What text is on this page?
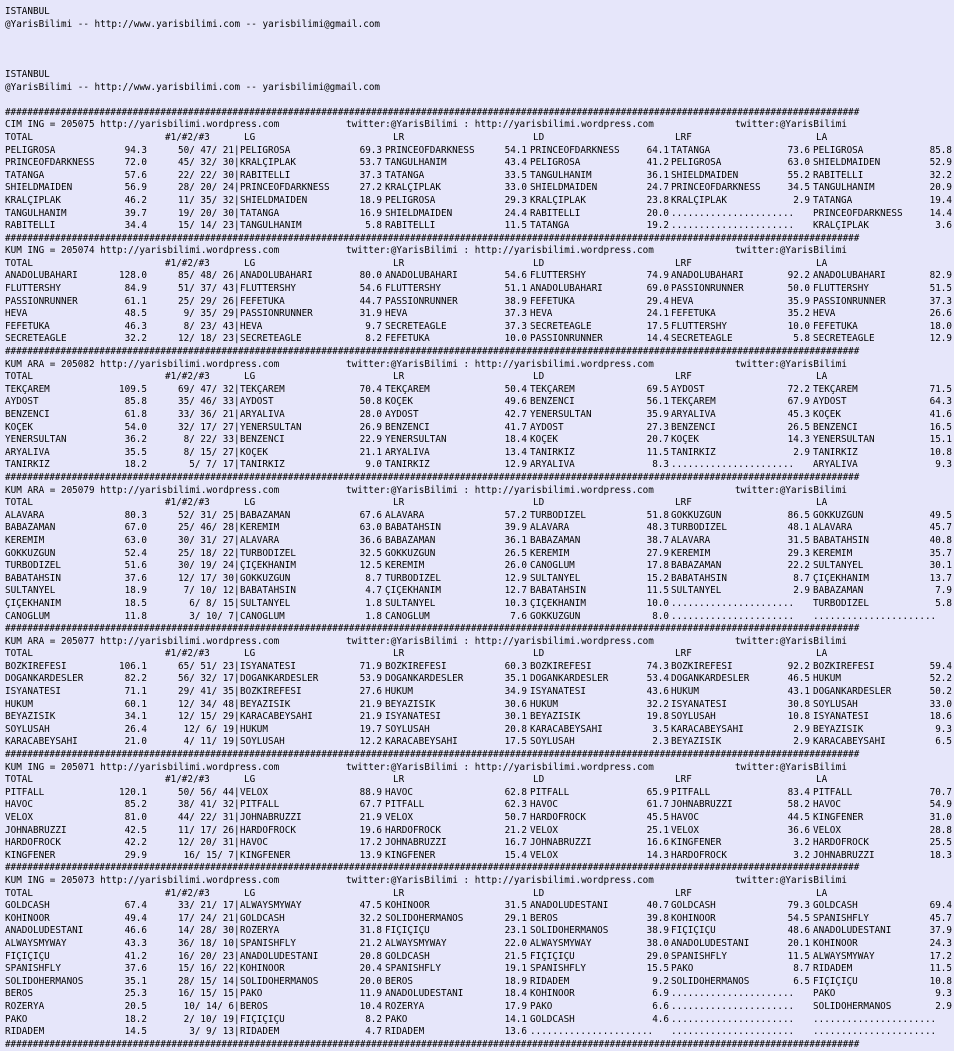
ISTANBUL
@YarisBilimi -- http://www.yarisbilimi.com -- yarisbilimi@gmail.com
ISTANBUL
@YarisBilimi -- http://www.yarisbilimi.com -- yarisbilimi@gmail.com
##########################################################################################################################################################
CIM ING = 205075 http://yarisbilimi.wordpress.com	twitter:@YarisBilimi : http://yarisbilimi.wordpress.com	twitter:@YarisBilimi
TOTAL	#1/#2/#3	LG	LR	LD	LRF	LA
PELIGROSA	94.3	50/ 47/ 21 | PELIGROSA	69.3 PRINCEOFDARKNESS	54.1 PRINCEOFDARKNESS	64.1 TATANGA	73.6 PELIGROSA	85.8
PRINCEOFDARKNESS	72.0	45/ 32/ 30 | KRALÇIPLAK	53.7 TANGÜLHANIM	43.4 PELIGROSA	41.2 PELIGROSA	63.0 SHIELDMAIDEN	52.9
TATANGA	57.6	22/ 22/ 30 | RABITELLI	37.3 TATANGA	33.5 TANGÜLHANIM	36.1 SHIELDMAIDEN	55.2 RABITELLI	32.2
SHIELDMAIDEN	56.9	28/ 20/ 24 | PRINCEOFDARKNESS	27.2 KRALÇIPLAK	33.0 SHIELDMAIDEN	24.7 PRINCEOFDARKNESS	34.5 TANGÜLHANIM	20.9
KRALÇIPLAK	46.2	11/ 35/ 32 | SHIELDMAIDEN	18.9 PELIGROSA	29.3 KRALÇIPLAK	23.8 KRALÇIPLAK	2.9 TATANGA	19.4
TANGÜLHANIM	39.7	19/ 20/ 30 | TATANGA	16.9 SHIELDMAIDEN	24.4 RABITELLI	20.0 ...................... PRINCEOFDARKNESS	14.4
RABITELLI	34.4	15/ 14/ 23 | TANGÜLHANIM	5.8 RABITELLI	11.5 TATANGA	19.2 ...................... KRALÇIPLAK	3.6
##########################################################################################################################################################
KUM ING = 205074 http://yarisbilimi.wordpress.com	twitter:@YarisBilimi : http://yarisbilimi.wordpress.com	twitter:@YarisBilimi
TOTAL	#1/#2/#3	LG	LR	LD	LRF	LA
ANADOLUBAHARI	128.0	85/ 48/ 26 | ANADOLUBAHARI	80.0 ANADOLUBAHARI	54.6 FLUTTERSHY	74.9 ANADOLUBAHARI	92.2 ANADOLUBAHARI	82.9
FLUTTERSHY	84.9	51/ 37/ 43 | FLUTTERSHY	54.6 FLUTTERSHY	51.1 ANADOLUBAHARI	69.0 PASSIONRUNNER	50.0 FLUTTERSHY	51.5
PASSIONRUNNER	61.1	25/ 29/ 26 | FEFETUKA	44.7 PASSIONRUNNER	38.9 FEFETUKA	29.4 HEVA	35.9 PASSIONRUNNER	37.3
HEVA	48.5	9/ 35/ 29 | PASSIONRUNNER	31.9 HEVA	37.3 HEVA	24.1 FEFETUKA	35.2 HEVA	26.6
FEFETUKA	46.3	8/ 23/ 43 | HEVA	9.7 SECRETEAGLE	37.3 SECRETEAGLE	17.5 FLUTTERSHY	10.0 FEFETUKA	18.0
SECRETEAGLE	32.2	12/ 18/ 23 | SECRETEAGLE	8.2 FEFETUKA	10.0 PASSIONRUNNER	14.4 SECRETEAGLE	5.8 SECRETEAGLE	12.9
##########################################################################################################################################################
KUM ARA = 205082 http://yarisbilimi.wordpress.com	twitter:@YarisBilimi : http://yarisbilimi.wordpress.com	twitter:@YarisBilimi
TOTAL	#1/#2/#3	LG	LR	LD	LRF	LA
TEKÇAREM	109.5	69/ 47/ 32 | TEKÇAREM	70.4 TEKÇAREM	50.4 TEKÇAREM	69.5 AYDOST	72.2 TEKÇAREM	71.5
AYDOST	85.8	35/ 46/ 33 | AYDOST	50.8 KÖÇEK	49.6 BENZENCI	56.1 TEKÇAREM	67.9 AYDOST	64.3
BENZENCI	61.8	33/ 36/ 21 | ARYALIVA	28.0 AYDOST	42.7 YENERSULTAN	35.9 ARYALIVA	45.3 KÖÇEK	41.6
KÖÇEK	54.0	32/ 17/ 27 | YENERSULTAN	26.9 BENZENCI	41.7 AYDOST	27.3 BENZENCI	26.5 BENZENCI	16.5
YENERSULTAN	36.2	8/ 22/ 33 | BENZENCI	22.9 YENERSULTAN	18.4 KÖÇEK	20.7 KÖÇEK	14.3 YENERSULTAN	15.1
ARYALIVA	35.5	8/ 15/ 27 | KÖÇEK	21.1 ARYALIVA	13.4 TANIRKIZ	11.5 TANIRKIZ	2.9 TANIRKIZ	10.8
TANIRKIZ	18.2	5/ 7/ 17 | TANIRKIZ	9.0 TANIRKIZ	12.9 ARYALIVA	8.3 ...................... ARYALIVA	9.3
##########################################################################################################################################################
KUM ARA = 205079 http://yarisbilimi.wordpress.com	twitter:@YarisBilimi : http://yarisbilimi.wordpress.com	twitter:@YarisBilimi
TOTAL	#1/#2/#3	LG	LR	LD	LRF	LA
ALAVARA	80.3	52/ 31/ 25 | BABAZAMAN	67.6 ALAVARA	57.2 TURBODIZEL	51.8 GÖKKUZGUN	86.5 GÖKKUZGUN	49.5
BABAZAMAN	67.0	25/ 46/ 28 | KEREMIM	63.0 BABATAHSIN	39.9 ALAVARA	48.3 TURBODIZEL	48.1 ALAVARA	45.7
KEREMIM	63.0	30/ 31/ 27 | ALAVARA	36.6 BABAZAMAN	36.1 BABAZAMAN	38.7 ALAVARA	31.5 BABATAHSIN	40.8
GÖKKUZGUN	52.4	25/ 18/ 22 | TURBODIZEL	32.5 GÖKKUZGUN	26.5 KEREMIM	27.9 KEREMIM	29.3 KEREMIM	35.7
TURBODIZEL	51.6	30/ 19/ 24 | ÇIÇEKHANIM	12.5 KEREMIM	26.0 CANOGLUM	17.8 BABAZAMAN	22.2 SULTANYEL	30.1
BABATAHSIN	37.6	12/ 17/ 30 | GÖKKUZGUN	8.7 TURBODIZEL	12.9 SULTANYEL	15.2 BABATAHSIN	8.7 ÇIÇEKHANIM	13.7
SULTANYEL	18.9	7/ 10/ 12 | BABATAHSIN	4.7 ÇIÇEKHANIM	12.7 BABATAHSIN	11.5 SULTANYEL	2.9 BABAZAMAN	7.9
ÇIÇEKHANIM	18.5	6/ 8/ 15 | SULTANYEL	1.8 SULTANYEL	10.3 ÇIÇEKHANIM	10.0 ...................... TURBODIZEL	5.8
CANOGLUM	11.8	3/ 10/ 7 | CANOGLUM	1.8 CANOGLUM	7.6 GÖKKUZGUN	8.0 ...................... ......................
##########################################################################################################################################################
KUM ARA = 205077 http://yarisbilimi.wordpress.com	twitter:@YarisBilimi : http://yarisbilimi.wordpress.com	twitter:@YarisBilimi
TOTAL	#1/#2/#3	LG	LR	LD	LRF	LA
BOZKIREFESI	106.1	65/ 51/ 23 | ISYANATESI	71.9 BOZKIREFESI	60.3 BOZKIREFESI	74.3 BOZKIREFESI	92.2 BOZKIREFESI	59.4
DOGANKARDESLER	82.2	56/ 32/ 17 | DOGANKARDESLER	53.9 DOGANKARDESLER	35.1 DOGANKARDESLER	53.4 DOGANKARDESLER	46.5 HÜKÜM	52.2
ISYANATESI	71.1	29/ 41/ 35 | BOZKIREFESI	27.6 HÜKÜM	34.9 ISYANATESI	43.6 HÜKÜM	43.1 DOGANKARDESLER	50.2
HÜKÜM	60.1	12/ 34/ 48 | BEYAZISIK	21.9 BEYAZISIK	30.6 HÜKÜM	32.2 ISYANATESI	30.8 SOYLUSAH	33.0
BEYAZISIK	34.1	12/ 15/ 29 | KARACABEYSAHI	21.9 ISYANATESI	30.1 BEYAZISIK	19.8 SOYLUSAH	10.8 ISYANATESI	18.6
SOYLUSAH	26.4	12/ 6/ 19 | HÜKÜM	19.7 SOYLUSAH	20.8 KARACABEYSAHI	3.5 KARACABEYSAHI	2.9 BEYAZISIK	9.3
KARACABEYSAHI	21.0	4/ 11/ 19 | SOYLUSAH	12.2 KARACABEYSAHI	17.5 SOYLUSAH	2.3 BEYAZISIK	2.9 KARACABEYSAHI	6.5
##########################################################################################################################################################
KUM ING = 205071 http://yarisbilimi.wordpress.com	twitter:@YarisBilimi : http://yarisbilimi.wordpress.com	twitter:@YarisBilimi
TOTAL	#1/#2/#3	LG	LR	LD	LRF	LA
PITFALL	120.1	50/ 56/ 44 | VELOX	88.9 HAVOC	62.8 PITFALL	65.9 PITFALL	83.4 PITFALL	70.7
HAVOC	85.2	38/ 41/ 32 | PITFALL	67.7 PITFALL	62.3 HAVOC	61.7 JOHNABRUZZI	58.2 HAVOC	54.9
VELOX	81.0	44/ 22/ 31 | JOHNABRUZZI	21.9 VELOX	50.7 HARDOFROCK	45.5 HAVOC	44.5 KINGFENER	31.0
JOHNABRUZZI	42.5	11/ 17/ 26 | HARDOFROCK	19.6 HARDOFROCK	21.2 VELOX	25.1 VELOX	36.6 VELOX	28.8
HARDOFROCK	42.2	12/ 20/ 31 | HAVOC	17.2 JOHNABRUZZI	16.7 JOHNABRUZZI	16.6 KINGFENER	3.2 HARDOFROCK	25.5
KINGFENER	29.9	16/ 15/ 7 | KINGFENER	13.9 KINGFENER	15.4 VELOX	14.3 HARDOFROCK	3.2 JOHNABRUZZI	18.3
##########################################################################################################################################################
KUM ING = 205073 http://yarisbilimi.wordpress.com	twitter:@YarisBilimi : http://yarisbilimi.wordpress.com	twitter:@YarisBilimi
TOTAL	#1/#2/#3	LG	LR	LD	LRF	LA
GOLDCASH	67.4	33/ 21/ 17 | ALWAYSMYWAY	47.5 KOHINOOR	31.5 ANADOLUDESTANI	40.7 GOLDCASH	79.3 GOLDCASH	69.4
KOHINOOR	49.4	17/ 24/ 21 | GOLDCASH	32.2 SOLIDOHERMANOS	29.1 BEROS	39.8 KOHINOOR	54.5 SPANISHFLY	45.7
ANADOLUDESTANI	46.6	14/ 28/ 30 | ROZERYA	31.8 FIÇIÇIÇU	23.1 SOLIDOHERMANOS	38.9 FIÇIÇIÇU	48.6 ANADOLUDESTANI	37.9
ALWAYSMYWAY	43.3	36/ 18/ 10 | SPANISHFLY	21.2 ALWAYSMYWAY	22.0 ALWAYSMYWAY	38.0 ANADOLUDESTANI	20.1 KOHINOOR	24.3
FIÇIÇIÇU	41.2	16/ 20/ 23 | ANADOLUDESTANI	20.8 GOLDCASH	21.5 FIÇIÇIÇU	29.0 SPANISHFLY	11.5 ALWAYSMYWAY	17.2
SPANISHFLY	37.6	15/ 16/ 22 | KOHINOOR	20.4 SPANISHFLY	19.1 SPANISHFLY	15.5 PAKO	8.7 RIDADEM	11.5
SOLIDOHERMANOS	35.1	28/ 15/ 14 | SOLIDOHERMANOS	20.0 BEROS	18.9 RIDADEM	9.2 SOLIDOHERMANOS	6.5 FIÇIÇIÇU	10.8
BEROS	25.3	16/ 15/ 15 | PAKO	11.9 ANADOLUDESTANI	18.4 KOHINOOR	6.9 ...................... PAKO	9.3
ROZERYA	20.5	10/ 14/ 6 | BEROS	10.4 ROZERYA	17.9 PAKO	6.6 ...................... SOLIDOHERMANOS	2.9
PAKO	18.2	2/ 10/ 19 | FIÇIÇIÇU	8.2 PAKO	14.1 GOLDCASH	4.6 ...................... ......................
RIDADEM	14.5	3/ 9/ 13 | RIDADEM	4.7 RIDADEM	13.6 ...................... ...................... ......................
##########################################################################################################################################################
